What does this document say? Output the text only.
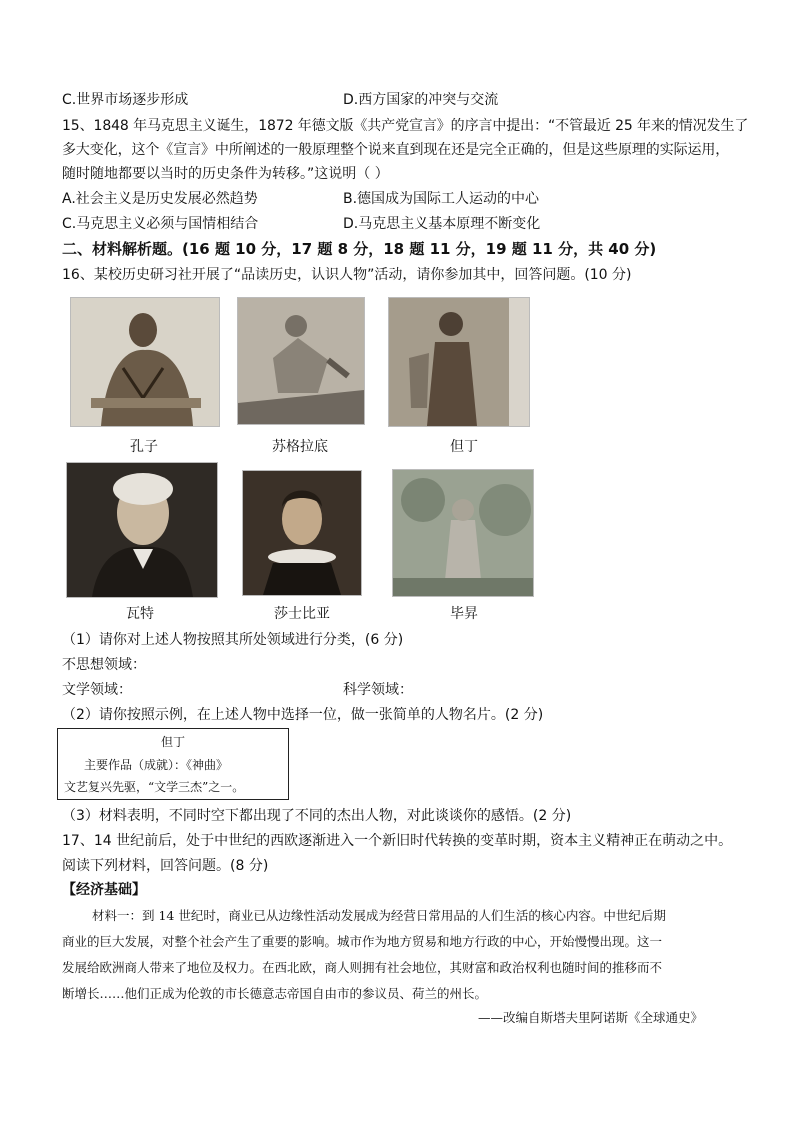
C.世界市场逐步形成	D.西方国家的冲突与交流
15、1848 年马克思主义诞生，1872 年德文版《共产党宣言》的序言中提出：“不管最近 25 年来的情况发生了
多大变化，这个《宣言》中所阐述的一般原理整个说来直到现在还是完全正确的，但是这些原理的实际运用，
随时随地都要以当时的历史条件为转移。”这说明（ ）
A.社会主义是历史发展必然趋势	B.德国成为国际工人运动的中心
C.马克思主义必须与国情相结合	D.马克思主义基本原理不断变化
二、材料解析题。(16 题 10 分，17 题 8 分，18 题 11 分，19 题 11 分，共 40 分)
16、某校历史研习社开展了“品读历史，认识人物”活动，请你参加其中，回答问题。(10 分)
孔子	苏格拉底	但丁
瓦特	莎士比亚	毕昇
（1）请你对上述人物按照其所处领域进行分类，(6 分)
不思想领域：
文学领域：	科学领域：
（2）请你按照示例，在上述人物中选择一位，做一张简单的人物名片。(2 分)
但丁
主要作品（成就）：《神曲》
文艺复兴先驱，“文学三杰”之一。
（3）材料表明，不同时空下都出现了不同的杰出人物，对此谈谈你的感悟。(2 分)
17、14 世纪前后，处于中世纪的西欧逐渐进入一个新旧时代转换的变革时期，资本主义精神正在萌动之中。
阅读下列材料，回答问题。(8 分)
【经济基础】
材料一：到 14 世纪时，商业已从边缘性活动发展成为经营日常用品的人们生活的核心内容。中世纪后期
商业的巨大发展，对整个社会产生了重要的影响。城市作为地方贸易和地方行政的中心，开始慢慢出现。这一
发展给欧洲商人带来了地位及权力。在西北欧，商人则拥有社会地位，其财富和政治权利也随时间的推移而不
断增长……他们正成为伦敦的市长德意志帝国自由市的参议员、荷兰的州长。
——改编自斯塔夫里阿诺斯《全球通史》
